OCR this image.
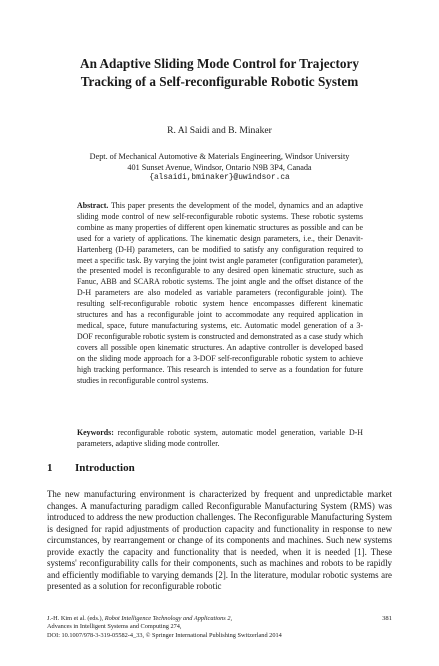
An Adaptive Sliding Mode Control for Trajectory
Tracking of a Self-reconfigurable Robotic System
R. Al Saidi and B. Minaker
Dept. of Mechanical Automotive & Materials Engineering, Windsor University
401 Sunset Avenue, Windsor, Ontario N9B 3P4, Canada
{alsaidi,bminaker}@uwindsor.ca
Abstract. This paper presents the development of the model, dynamics and an adaptive sliding mode control of new self-reconfigurable robotic systems. These robotic systems combine as many properties of different open kinematic structures as possible and can be used for a variety of applications. The kinematic design parameters, i.e., their Denavit-Hartenberg (D-H) parameters, can be modified to satisfy any configuration required to meet a specific task. By varying the joint twist angle parameter (configuration parameter), the presented model is reconfigurable to any desired open kinematic structure, such as Fanuc, ABB and SCARA robotic systems. The joint angle and the offset distance of the D-H parameters are also modeled as variable parameters (reconfigurable joint). The resulting self-reconfigurable robotic system hence encompasses different kinematic structures and has a reconfigurable joint to accommodate any required application in medical, space, future manufacturing systems, etc. Automatic model generation of a 3-DOF reconfigurable robotic system is constructed and demonstrated as a case study which covers all possible open kinematic structures. An adaptive controller is developed based on the sliding mode approach for a 3-DOF self-reconfigurable robotic system to achieve high tracking performance. This research is intended to serve as a foundation for future studies in reconfigurable control systems.
Keywords: reconfigurable robotic system, automatic model generation, variable D-H parameters, adaptive sliding mode controller.
1 Introduction
The new manufacturing environment is characterized by frequent and unpredictable market changes. A manufacturing paradigm called Reconfigurable Manufacturing System (RMS) was introduced to address the new production challenges. The Reconfigurable Manufacturing System is designed for rapid adjustments of production capacity and functionality in response to new circumstances, by rearrangement or change of its components and machines. Such new systems provide exactly the capacity and functionality that is needed, when it is needed [1]. These systems' reconfigurability calls for their components, such as machines and robots to be rapidly and efficiently modifiable to varying demands [2]. In the literature, modular robotic systems are presented as a solution for reconfigurable robotic
J.-H. Kim et al. (eds.), Robot Intelligence Technology and Applications 2,
Advances in Intelligent Systems and Computing 274,
DOI: 10.1007/978-3-319-05582-4_33, © Springer International Publishing Switzerland 2014
381
